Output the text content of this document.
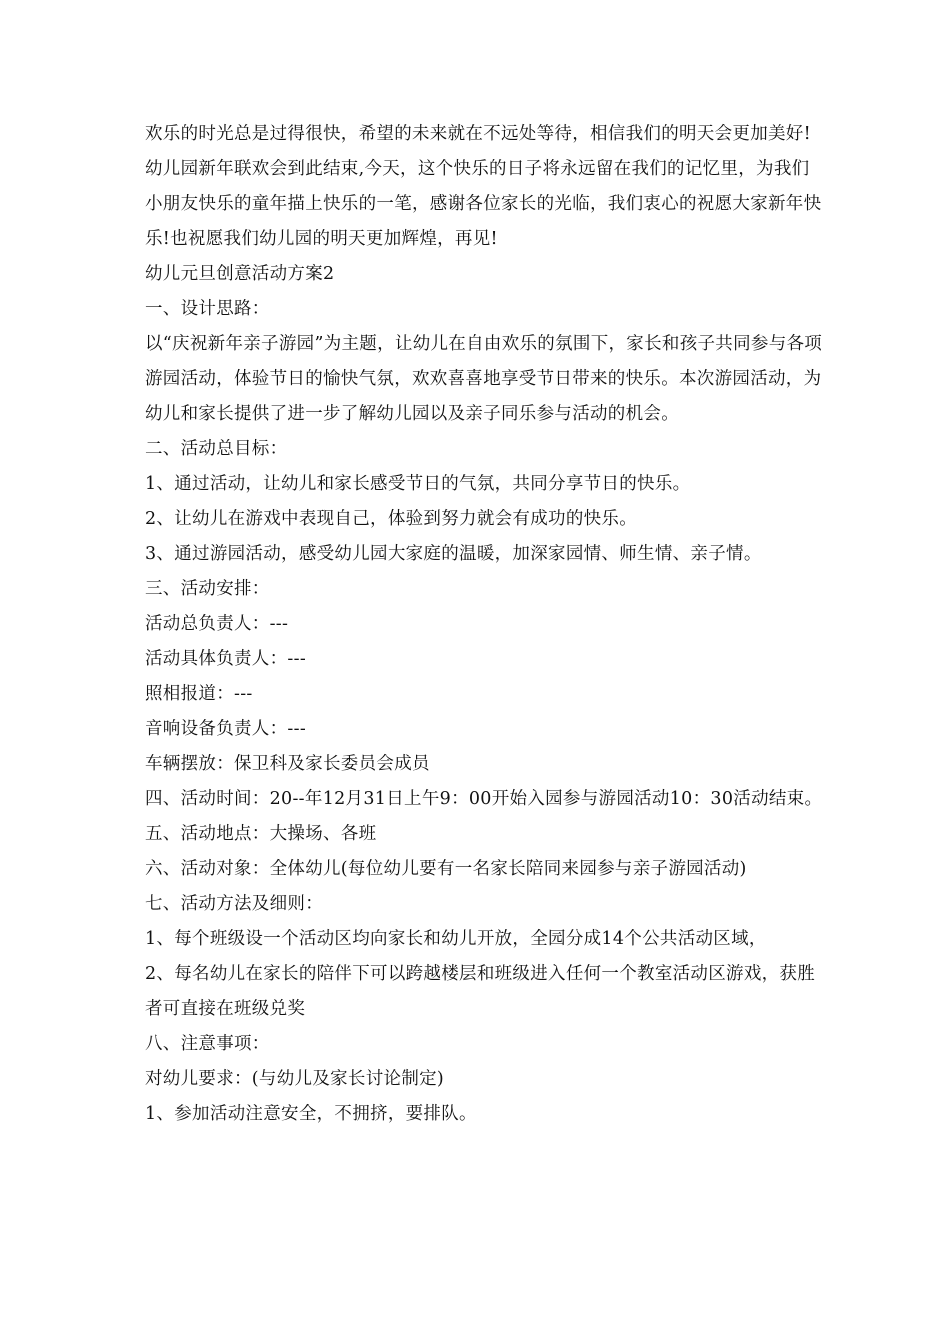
欢乐的时光总是过得很快，希望的未来就在不远处等待，相信我们的明天会更加美好!幼儿园新年联欢会到此结束,今天，这个快乐的日子将永远留在我们的记忆里，为我们小朋友快乐的童年描上快乐的一笔，感谢各位家长的光临，我们衷心的祝愿大家新年快乐!也祝愿我们幼儿园的明天更加辉煌，再见!

幼儿元旦创意活动方案2

一、设计思路：

以“庆祝新年亲子游园”为主题，让幼儿在自由欢乐的氛围下，家长和孩子共同参与各项游园活动，体验节日的愉快气氛，欢欢喜喜地享受节日带来的快乐。本次游园活动，为幼儿和家长提供了进一步了解幼儿园以及亲子同乐参与活动的机会。

二、活动总目标：

1、通过活动，让幼儿和家长感受节日的气氛，共同分享节日的快乐。

2、让幼儿在游戏中表现自己，体验到努力就会有成功的快乐。

3、通过游园活动，感受幼儿园大家庭的温暖，加深家园情、师生情、亲子情。

三、活动安排：

活动总负责人：---

活动具体负责人：---

照相报道：---

音响设备负责人：---

车辆摆放：保卫科及家长委员会成员

四、活动时间：20--年12月31日上午9：00开始入园参与游园活动10：30活动结束。

五、活动地点：大操场、各班

六、活动对象：全体幼儿(每位幼儿要有一名家长陪同来园参与亲子游园活动)

七、活动方法及细则：

1、每个班级设一个活动区均向家长和幼儿开放，全园分成14个公共活动区域，

2、每名幼儿在家长的陪伴下可以跨越楼层和班级进入任何一个教室活动区游戏，获胜者可直接在班级兑奖

八、注意事项：

对幼儿要求：(与幼儿及家长讨论制定)

1、参加活动注意安全，不拥挤，要排队。
